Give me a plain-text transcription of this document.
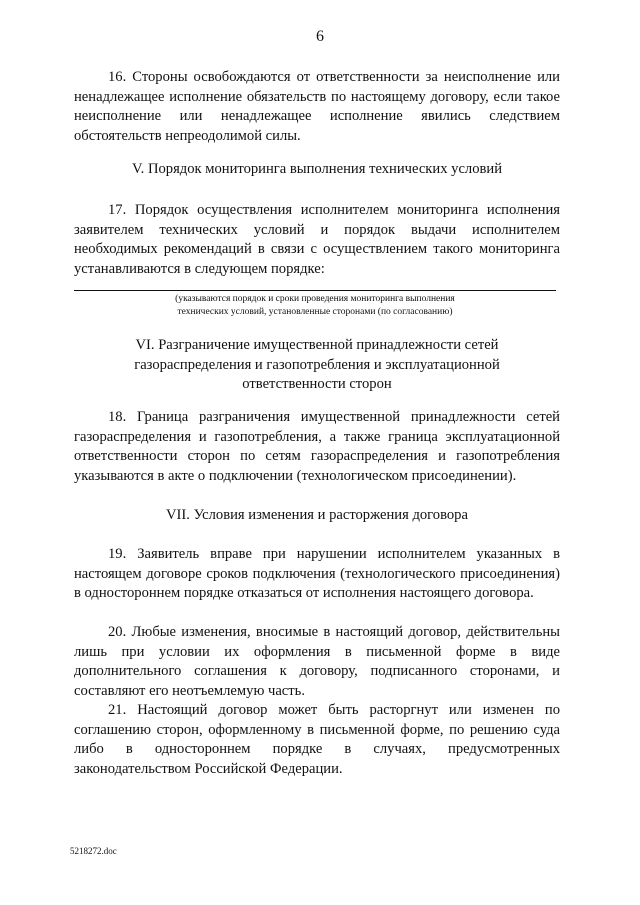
6
16. Стороны освобождаются от ответственности за неисполнение или ненадлежащее исполнение обязательств по настоящему договору, если такое неисполнение или ненадлежащее исполнение явились следствием обстоятельств непреодолимой силы.
V. Порядок мониторинга выполнения технических условий
17. Порядок осуществления исполнителем мониторинга исполнения заявителем технических условий и порядок выдачи исполнителем необходимых рекомендаций в связи с осуществлением такого мониторинга устанавливаются в следующем порядке:
(указываются порядок и сроки проведения мониторинга выполнения
технических условий, установленные сторонами (по согласованию)
VI. Разграничение имущественной принадлежности сетей
газораспределения и газопотребления и эксплуатационной
ответственности сторон
18. Граница разграничения имущественной принадлежности сетей газораспределения и газопотребления, а также граница эксплуатационной ответственности сторон по сетям газораспределения и газопотребления указываются в акте о подключении (технологическом присоединении).
VII. Условия изменения и расторжения договора
19. Заявитель вправе при нарушении исполнителем указанных в настоящем договоре сроков подключения (технологического присоединения) в одностороннем порядке отказаться от исполнения настоящего договора.
20. Любые изменения, вносимые в настоящий договор, действительны лишь при условии их оформления в письменной форме в виде дополнительного соглашения к договору, подписанного сторонами, и составляют его неотъемлемую часть.
21. Настоящий договор может быть расторгнут или изменен по соглашению сторон, оформленному в письменной форме, по решению суда либо в одностороннем порядке в случаях, предусмотренных законодательством Российской Федерации.
5218272.doc
